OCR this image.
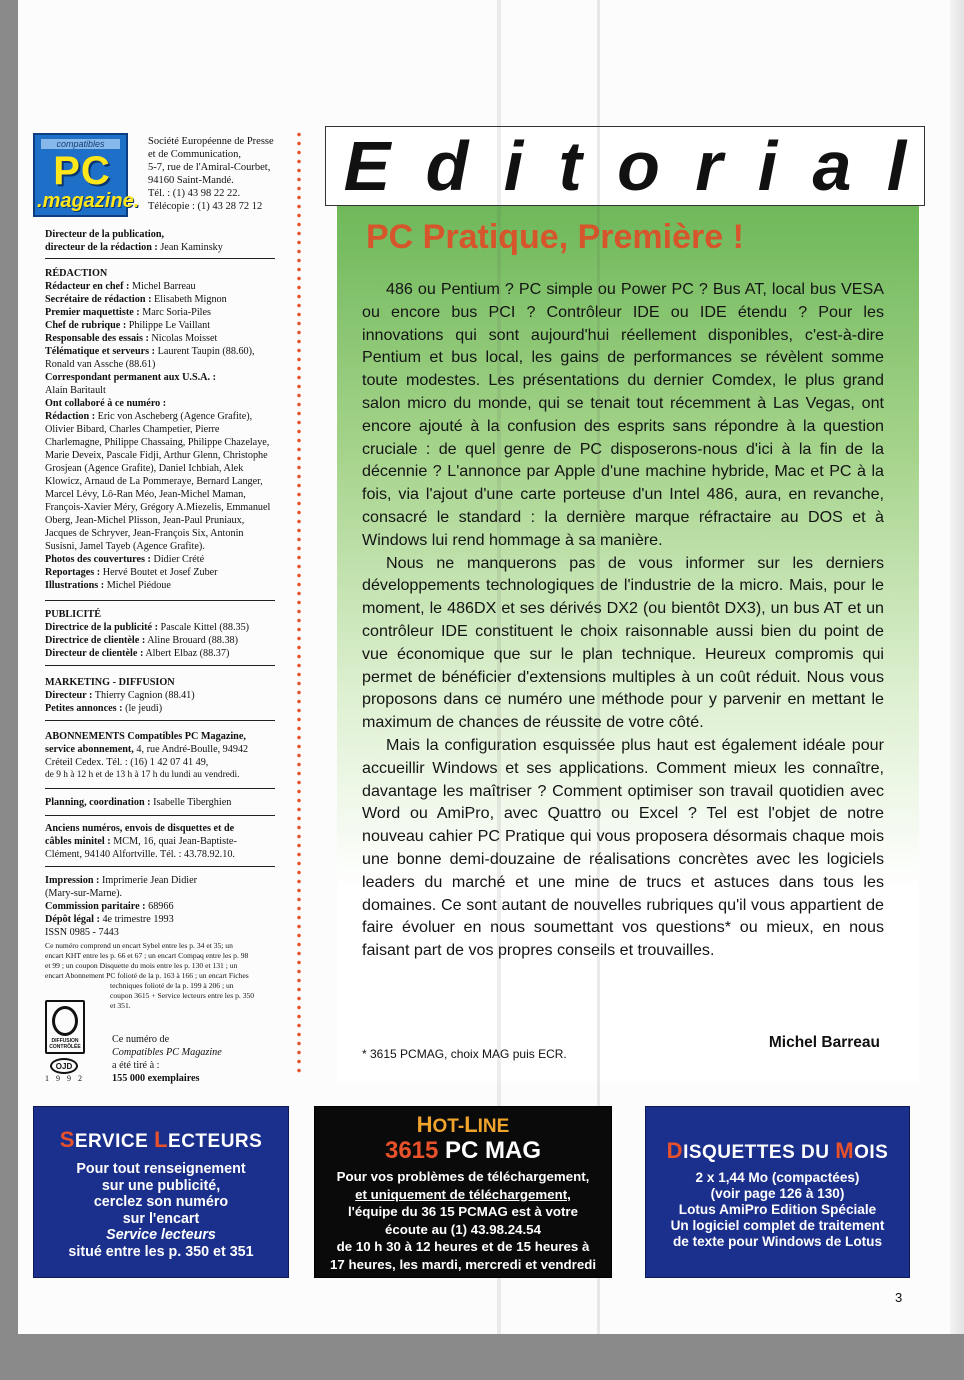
compatibles
PC
.magazine
Société Européenne de Presse
et de Communication,
5-7, rue de l'Amiral-Courbet,
94160 Saint-Mandé.
Tél. : (1) 43 98 22 22.
Télécopie : (1) 43 28 72 12
Directeur de la publication,
directeur de la rédaction : Jean Kaminsky
RÉDACTION
Rédacteur en chef : Michel Barreau
Secrétaire de rédaction : Elisabeth Mignon
Premier maquettiste : Marc Soria-Piles
Chef de rubrique : Philippe Le Vaillant
Responsable des essais : Nicolas Moisset
Télématique et serveurs : Laurent Taupin (88.60),
Ronald van Assche (88.61)
Correspondant permanent aux U.S.A. :
Alain Baritault
Ont collaboré à ce numéro :
Rédaction : Eric von Ascheberg (Agence Grafite),
Olivier Bibard, Charles Champetier, Pierre
Charlemagne, Philippe Chassaing, Philippe Chazelaye,
Marie Deveix, Pascale Fidji, Arthur Glenn, Christophe
Grosjean (Agence Grafite), Daniel Ichbiah, Alek
Klowicz, Arnaud de La Pommeraye, Bernard Langer,
Marcel Lévy, Lô-Ran Méo, Jean-Michel Maman,
François-Xavier Méry, Grégory A.Miezelis, Emmanuel
Oberg, Jean-Michel Plisson, Jean-Paul Pruniaux,
Jacques de Schryver, Jean-François Six, Antonin
Susisni, Jamel Tayeb (Agence Grafite).
Photos des couvertures : Didier Crété
Reportages : Hervé Boutet et Josef Zuber
Illustrations : Michel Piédoue
PUBLICITÉ
Directrice de la publicité : Pascale Kittel (88.35)
Directrice de clientèle : Aline Brouard (88.38)
Directeur de clientèle : Albert Elbaz (88.37)
MARKETING - DIFFUSION
Directeur : Thierry Cagnion (88.41)
Petites annonces : (le jeudi)
ABONNEMENTS Compatibles PC Magazine,
service abonnement, 4, rue André-Boulle, 94942
Créteil Cedex. Tél. : (16) 1 42 07 41 49,
de 9 h à 12 h et de 13 h à 17 h du lundi au vendredi.
Planning, coordination : Isabelle Tiberghien
Anciens numéros, envois de disquettes et de
câbles minitel : MCM, 16, quai Jean-Baptiste-
Clément, 94140 Alfortville. Tél. : 43.78.92.10.
Impression : Imprimerie Jean Didier
(Mary-sur-Marne).
Commission paritaire : 68966
Dépôt légal : 4e trimestre 1993
ISSN 0985 - 7443
Ce numéro comprend un encart Sybel entre les p. 34 et 35; un
encart KHT entre les p. 66 et 67 ; un encart Compaq entre les p. 98
et 99 ; un coupon Disquette du mois entre les p. 130 et 131 ; un
encart Abonnement PC folioté de la p. 163 à 166 ; un encart Fiches
techniques folioté de la p. 199 à 206 ; un
coupon 3615 + Service lecteurs entre les p. 350
et 351.
DIFFUSION CONTRÔLÉE
OJD
1992
Ce numéro de
Compatibles PC Magazine
a été tiré à :
155 000 exemplaires
E d i t o r i a l
PC Pratique, Première !

486 ou Pentium ? PC simple ou Power PC ? Bus AT, local bus VESA ou encore bus PCI ? Contrôleur IDE ou IDE étendu ? Pour les innovations qui sont aujourd'hui réellement disponibles, c'est-à-dire Pentium et bus local, les gains de performances se révèlent somme toute modestes. Les présentations du dernier Comdex, le plus grand salon micro du monde, qui se tenait tout récemment à Las Vegas, ont encore ajouté à la confusion des esprits sans répondre à la question cruciale : de quel genre de PC disposerons-nous d'ici à la fin de la décennie ? L'annonce par Apple d'une machine hybride, Mac et PC à la fois, via l'ajout d'une carte porteuse d'un Intel 486, aura, en revanche, consacré le standard : la dernière marque réfractaire au DOS et à Windows lui rend hommage à sa manière.

Nous ne manquerons pas de vous informer sur les derniers développements technologiques de l'industrie de la micro. Mais, pour le moment, le 486DX et ses dérivés DX2 (ou bientôt DX3), un bus AT et un contrôleur IDE constituent le choix raisonnable aussi bien du point de vue économique que sur le plan technique. Heureux compromis qui permet de bénéficier d'extensions multiples à un coût réduit. Nous vous proposons dans ce numéro une méthode pour y parvenir en mettant le maximum de chances de réussite de votre côté.

Mais la configuration esquissée plus haut est également idéale pour accueillir Windows et ses applications. Comment mieux les connaître, davantage les maîtriser ? Comment optimiser son travail quotidien avec Word ou AmiPro, avec Quattro ou Excel ? Tel est l'objet de notre nouveau cahier PC Pratique qui vous proposera désormais chaque mois une bonne demi-douzaine de réalisations concrètes avec les logiciels leaders du marché et une mine de trucs et astuces dans tous les domaines. Ce sont autant de nouvelles rubriques qu'il vous appartient de faire évoluer en nous soumettant vos questions* ou mieux, en nous faisant part de vos propres conseils et trouvailles.

Michel Barreau
* 3615 PCMAG, choix MAG puis ECR.
SERVICE LECTEURS
Pour tout renseignement
sur une publicité,
cerclez son numéro
sur l'encart
Service lecteurs
situé entre les p. 350 et 351
HOT-LINE
3615 PC MAG
Pour vos problèmes de téléchargement,
et uniquement de téléchargement,
l'équipe du 36 15 PCMAG est à votre
écoute au (1) 43.98.24.54
de 10 h 30 à 12 heures et de 15 heures à
17 heures, les mardi, mercredi et vendredi
DISQUETTES DU MOIS
2 x 1,44 Mo (compactées)
(voir page 126 à 130)
Lotus AmiPro Edition Spéciale
Un logiciel complet de traitement
de texte pour Windows de Lotus
3
